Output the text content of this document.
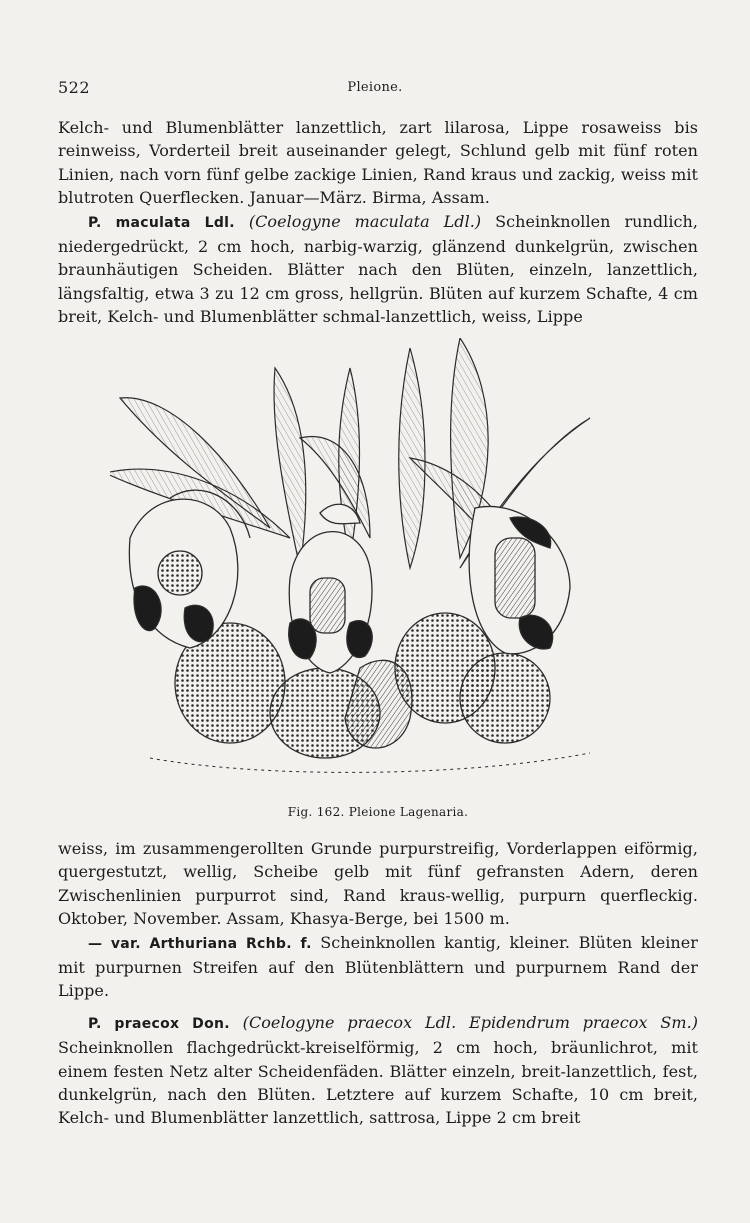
522	Pleione.

Kelch- und Blumenblätter lanzettlich, zart lilarosa, Lippe rosaweiss bis reinweiss, Vorderteil breit auseinander gelegt, Schlund gelb mit fünf roten Linien, nach vorn fünf gelbe zackige Linien, Rand kraus und zackig, weiss mit blutroten Querflecken. Januar—März. Birma, Assam.

P. maculata Ldl. (Coelogyne maculata Ldl.) Scheinknollen rundlich, niedergedrückt, 2 cm hoch, narbig-warzig, glänzend dunkelgrün, zwischen braunhäutigen Scheiden. Blätter nach den Blüten, einzeln, lanzettlich, längsfaltig, etwa 3 zu 12 cm gross, hellgrün. Blüten auf kurzem Schafte, 4 cm breit, Kelch- und Blumenblätter schmal-lanzettlich, weiss, Lippe

Fig. 162. Pleione Lagenaria.

weiss, im zusammengerollten Grunde purpurstreifig, Vorderlappen eiförmig, quergestutzt, wellig, Scheibe gelb mit fünf gefransten Adern, deren Zwischenlinien purpurrot sind, Rand kraus-wellig, purpurn querfleckig. Oktober, November. Assam, Khasya-Berge, bei 1500 m.

— var. Arthuriana Rchb. f. Scheinknollen kantig, kleiner. Blüten kleiner mit purpurnen Streifen auf den Blütenblättern und purpurnem Rand der Lippe.

P. praecox Don. (Coelogyne praecox Ldl. Epidendrum praecox Sm.) Scheinknollen flachgedrückt-kreiselförmig, 2 cm hoch, bräunlichrot, mit einem festen Netz alter Scheidenfäden. Blätter einzeln, breit-lanzettlich, fest, dunkelgrün, nach den Blüten. Letztere auf kurzem Schafte, 10 cm breit, Kelch- und Blumenblätter lanzettlich, sattrosa, Lippe 2 cm breit
